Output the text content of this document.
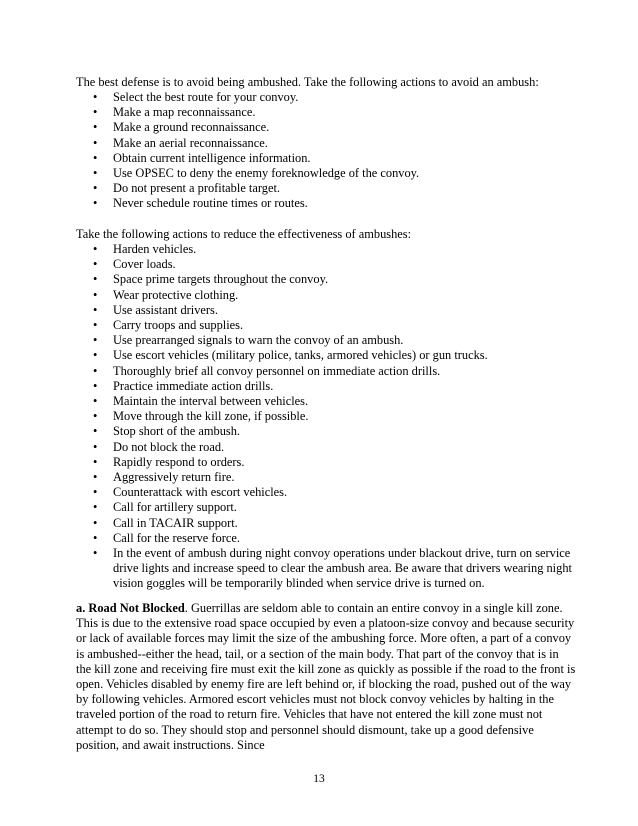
The best defense is to avoid being ambushed. Take the following actions to avoid an ambush:

• Select the best route for your convoy.
• Make a map reconnaissance.
• Make a ground reconnaissance.
• Make an aerial reconnaissance.
• Obtain current intelligence information.
• Use OPSEC to deny the enemy foreknowledge of the convoy.
• Do not present a profitable target.
• Never schedule routine times or routes.

Take the following actions to reduce the effectiveness of ambushes:

• Harden vehicles.
• Cover loads.
• Space prime targets throughout the convoy.
• Wear protective clothing.
• Use assistant drivers.
• Carry troops and supplies.
• Use prearranged signals to warn the convoy of an ambush.
• Use escort vehicles (military police, tanks, armored vehicles) or gun trucks.
• Thoroughly brief all convoy personnel on immediate action drills.
• Practice immediate action drills.
• Maintain the interval between vehicles.
• Move through the kill zone, if possible.
• Stop short of the ambush.
• Do not block the road.
• Rapidly respond to orders.
• Aggressively return fire.
• Counterattack with escort vehicles.
• Call for artillery support.
• Call in TACAIR support.
• Call for the reserve force.
• In the event of ambush during night convoy operations under blackout drive, turn on service drive lights and increase speed to clear the ambush area. Be aware that drivers wearing night vision goggles will be temporarily blinded when service drive is turned on.

a. Road Not Blocked. Guerrillas are seldom able to contain an entire convoy in a single kill zone. This is due to the extensive road space occupied by even a platoon-size convoy and because security or lack of available forces may limit the size of the ambushing force. More often, a part of a convoy is ambushed--either the head, tail, or a section of the main body. That part of the convoy that is in the kill zone and receiving fire must exit the kill zone as quickly as possible if the road to the front is open. Vehicles disabled by enemy fire are left behind or, if blocking the road, pushed out of the way by following vehicles. Armored escort vehicles must not block convoy vehicles by halting in the traveled portion of the road to return fire. Vehicles that have not entered the kill zone must not attempt to do so. They should stop and personnel should dismount, take up a good defensive position, and await instructions. Since

13
